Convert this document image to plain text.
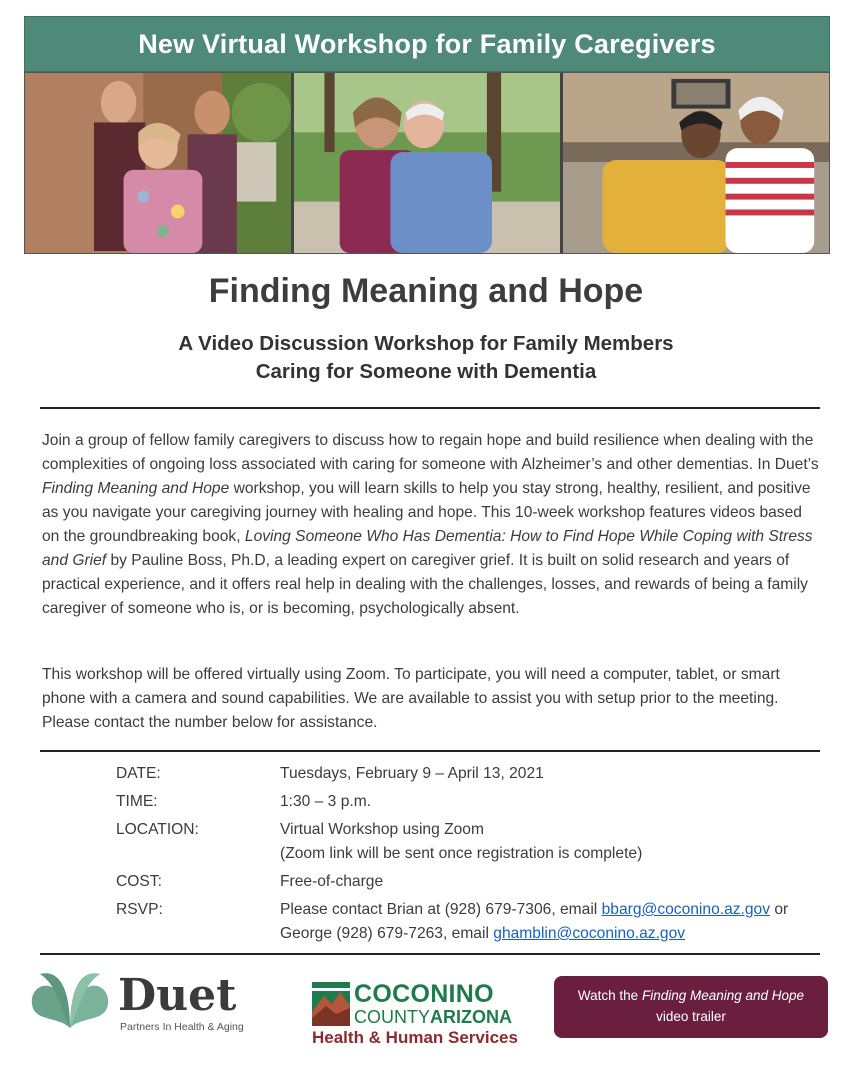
New Virtual Workshop for Family Caregivers
Finding Meaning and Hope
A Video Discussion Workshop for Family Members
Caring for Someone with Dementia

Join a group of fellow family caregivers to discuss how to regain hope and build resilience when dealing with the complexities of ongoing loss associated with caring for someone with Alzheimer’s and other dementias. In Duet’s Finding Meaning and Hope workshop, you will learn skills to help you stay strong, healthy, resilient, and positive as you navigate your caregiving journey with healing and hope. This 10-week workshop features videos based on the groundbreaking book, Loving Someone Who Has Dementia: How to Find Hope While Coping with Stress and Grief by Pauline Boss, Ph.D, a leading expert on caregiver grief. It is built on solid research and years of practical experience, and it offers real help in dealing with the challenges, losses, and rewards of being a family caregiver of someone who is, or is becoming, psychologically absent.

This workshop will be offered virtually using Zoom. To participate, you will need a computer, tablet, or smart phone with a camera and sound capabilities. We are available to assist you with setup prior to the meeting. Please contact the number below for assistance.

DATE:	Tuesdays, February 9 – April 13, 2021
TIME:	1:30 – 3 p.m.
LOCATION:	Virtual Workshop using Zoom
(Zoom link will be sent once registration is complete)
COST:	Free-of-charge
RSVP:	Please contact Brian at (928) 679-7306, email bbarg@coconino.az.gov or George (928) 679-7263, email ghamblin@coconino.az.gov
Duet
Partners In Health & Aging
COCONINO
COUNTYARIZONA
Health & Human Services
Watch the Finding Meaning and Hope
video trailer
